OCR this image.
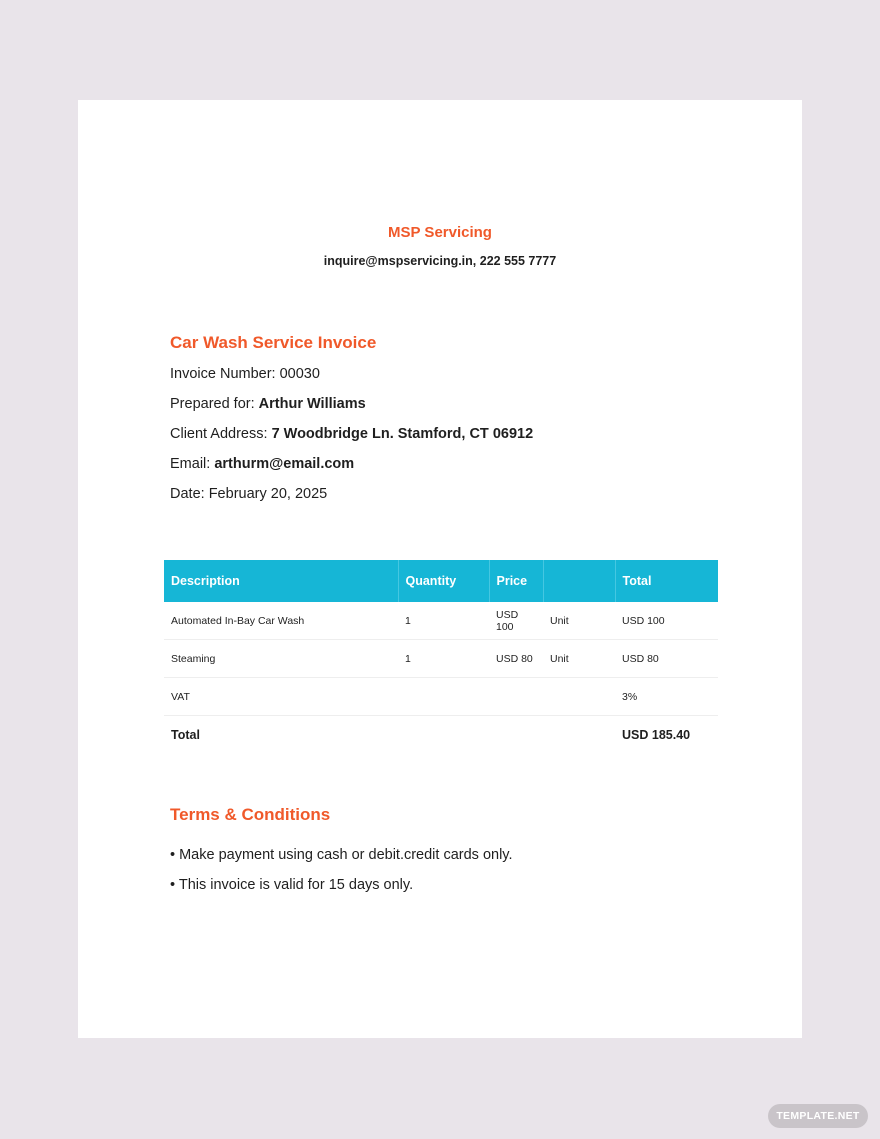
MSP Servicing
inquire@mspservicing.in, 222 555 7777
Car Wash Service Invoice
Invoice Number: 00030
Prepared for: Arthur Williams
Client Address: 7 Woodbridge Ln. Stamford, CT 06912
Email: arthurm@email.com
Date: February 20, 2025
Description	Quantity	Price		Total
Automated In-Bay Car Wash	1	USD 100	Unit	USD 100
Steaming	1	USD 80	Unit	USD 80
VAT				3%
Total				USD 185.40
Terms & Conditions
• Make payment using cash or debit.credit cards only.
• This invoice is valid for 15 days only.
TEMPLATE.NET
